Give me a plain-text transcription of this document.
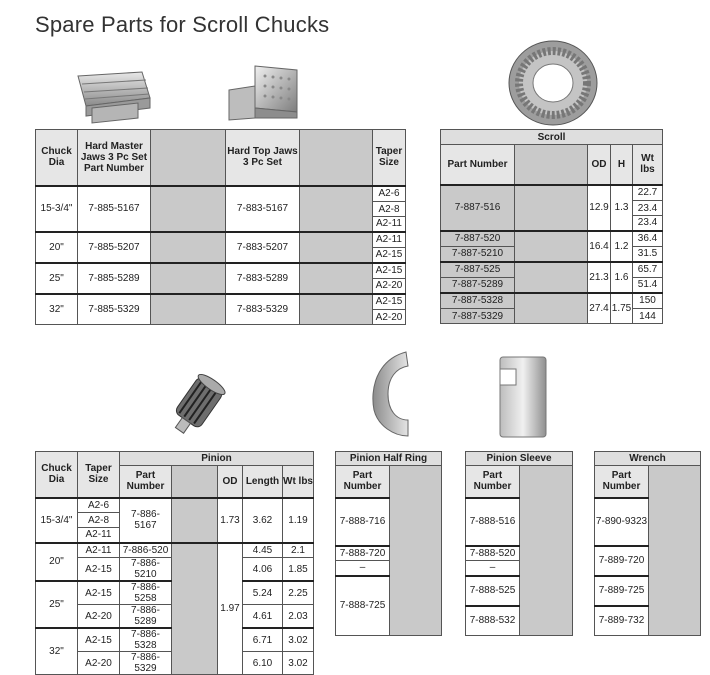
Spare Parts for Scroll Chucks
Chuck Dia	Hard Master Jaws 3 Pc Set Part Number		Hard Top Jaws 3 Pc Set		Taper Size
15-3/4"	7-885-5167		7-883-5167		A2-6
					A2-8
					A2-11
20"	7-885-5207		7-883-5207		A2-11
					A2-15
25"	7-885-5289		7-883-5289		A2-15
					A2-20
32"	7-885-5329		7-883-5329		A2-15
					A2-20
Scroll				
Part Number		OD	H	Wt lbs
7-887-516		12.9	1.3	22.7
				23.4
				23.4
7-887-520		16.4	1.2	36.4
7-887-5210				31.5
7-887-525		21.3	1.6	65.7
7-887-5289				51.4
7-887-5328		27.4	1.75	150
7-887-5329				144
Chuck Dia	Taper Size	Pinion				
		Part Number		OD	Length	Wt lbs
15-3/4"	A2-6	7-886-5167		1.73	3.62	1.19
	A2-8					
	A2-11					
20"	A2-11	7-886-520		1.97	4.45	2.1
	A2-15	7-886-5210			4.06	1.85
25"	A2-15	7-886-5258			5.24	2.25
	A2-20	7-886-5289			4.61	2.03
32"	A2-15	7-886-5328			6.71	3.02
	A2-20	7-886-5329			6.10	3.02
Pinion Half Ring
Part Number	
7-888-716
7-888-720
–
7-888-725
Pinion Sleeve
Part Number	
7-888-516
7-888-520
–
7-888-525
7-888-532
Wrench
Part Number	
7-890-9323
7-889-720
7-889-725
7-889-732
